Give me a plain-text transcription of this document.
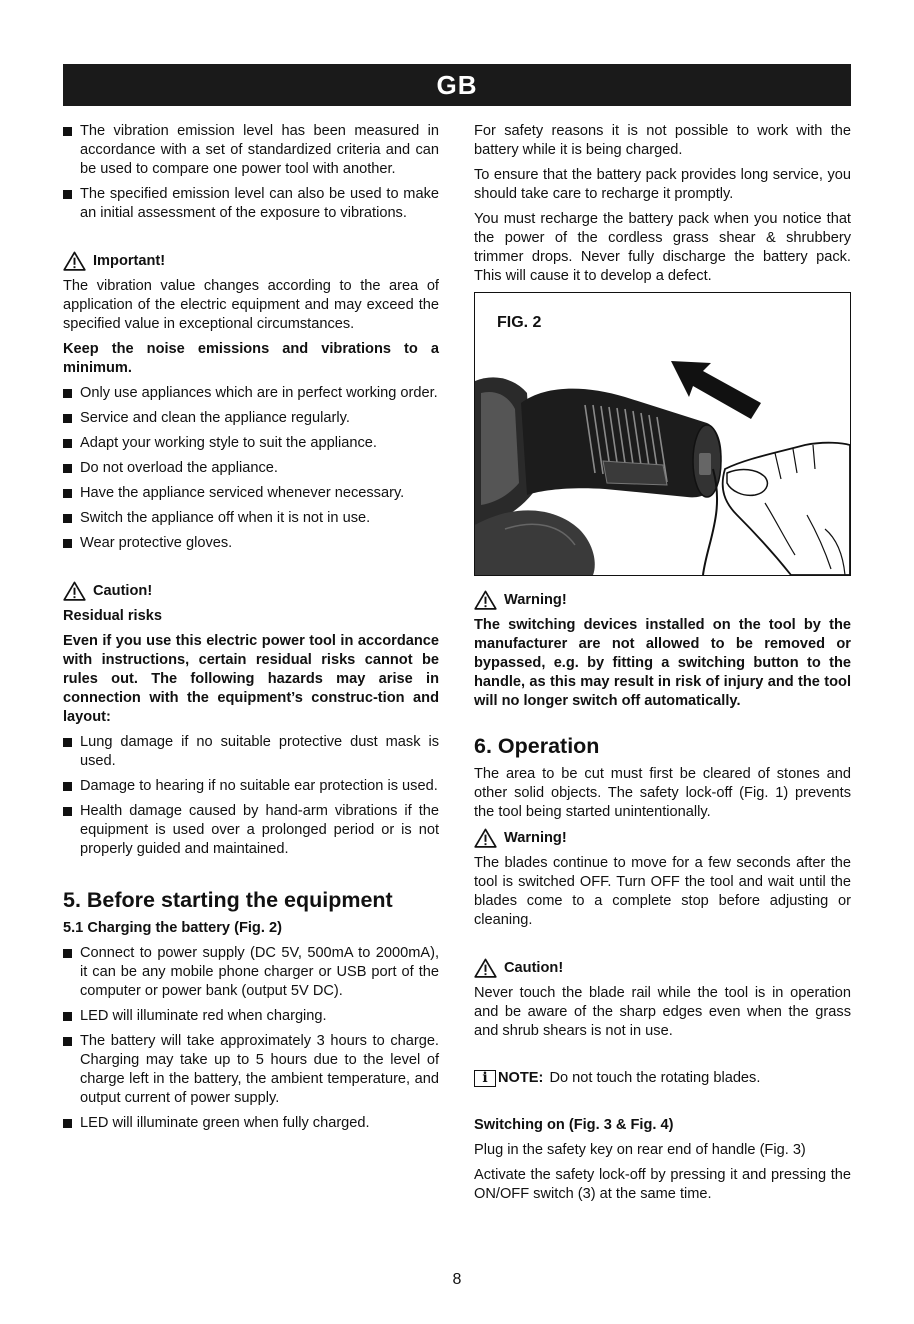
GB
The vibration emission level has been measured in accordance with a set of standardized criteria and can be used to compare one power tool with another.
The specified emission level can also be used to make an initial assessment of the exposure to vibrations.
Important!

The vibration value changes according to the area of application of the electric equipment and may exceed the specified value in exceptional circumstances.

Keep the noise emissions and vibrations to a minimum.

Only use appliances which are in perfect working order.
Service and clean the appliance regularly.
Adapt your working style to suit the appliance.
Do not overload the appliance.
Have the appliance serviced whenever necessary.
Switch the appliance off when it is not in use.
Wear protective gloves.
Caution!

Residual risks

Even if you use this electric power tool in accordance with instructions, certain residual risks cannot be rules out. The following hazards may arise in connection with the equipment’s construc-tion and layout:

Lung damage if no suitable protective dust mask is used.
Damage to hearing if no suitable ear protection is used.
Health damage caused by hand-arm vibrations if the equipment is used over a prolonged period or is not properly guided and maintained.
5. Before starting the equipment
5.1 Charging the battery (Fig. 2)
Connect to power supply (DC 5V, 500mA to 2000mA), it can be any mobile phone charger or USB port of the computer or power bank (output 5V DC).
LED will illuminate red when charging.
The battery will take approximately 3 hours to charge. Charging may take up to 5 hours due to the level of charge left in the battery, the ambient temperature, and output current of power supply.
LED will illuminate green when fully charged.

For safety reasons it is not possible to work with the battery while it is being charged.

To ensure that the battery pack provides long service, you should take care to recharge it promptly.

You must recharge the battery pack when you notice that the power of the cordless grass shear & shrubbery trimmer drops. Never fully discharge the battery pack. This will cause it to develop a defect.

FIG. 2
Warning!

The switching devices installed on the tool by the manufacturer are not allowed to be removed or bypassed, e.g. by fitting a switching button to the handle, as this may result in risk of injury and the tool will no longer switch off automatically.

6. Operation

The area to be cut must first be cleared of stones and other solid objects. The safety lock-off (Fig. 1) prevents the tool being started unintentionally.

Warning!

The blades continue to move for a few seconds after the tool is switched OFF. Turn OFF the tool and wait until the blades come to a complete stop before adjusting or cleaning.

Caution!

Never touch the blade rail while the tool is in operation and be aware of the sharp edges even when the grass and shrub shears is not in use.

i
NOTE: Do not touch the rotating blades.
Switching on (Fig. 3 & Fig. 4)

Plug in the safety key on rear end of handle (Fig. 3)

Activate the safety lock-off by pressing it and pressing the ON/OFF switch (3) at the same time.

8
